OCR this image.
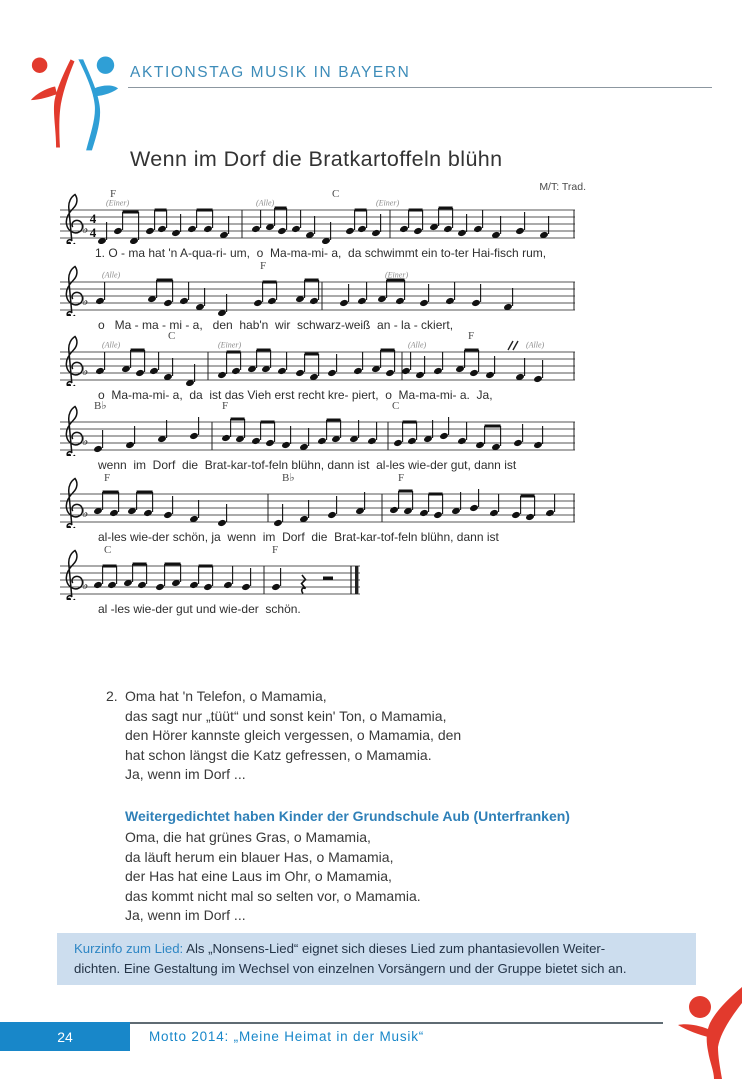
AKTIONSTAG MUSIK IN BAYERN
Wenn im Dorf die Bratkartoffeln blühn
M/T: Trad.
♭
4
4
F	C
(Einer)	(Alle)	(Einer)
1. O - ma hat 'n A-qua-ri- um,  o  Ma-ma-mi- a,  da schwimmt ein to-ter Hai-fisch rum,
♭
F
(Alle)	(Einer)
o   Ma - ma - mi - a,   den  hab'n  wir  schwarz-weiß  an - la - ckiert,
♭
C	F
(Alle)	(Einer)	(Alle)	(Alle)
o  Ma-ma-mi- a,  da  ist das Vieh erst recht kre- piert,  o  Ma-ma-mi- a.  Ja,
♭
B♭	F	C
wenn  im  Dorf  die  Brat-kar-tof-feln blühn, dann ist  al-les wie-der gut, dann ist
♭
F	B♭	F
al-les wie-der schön, ja  wenn  im  Dorf  die  Brat-kar-tof-feln blühn, dann ist
♭
C	F
al -les wie-der gut und wie-der  schön.
2. Oma hat 'n Telefon, o Mamamia,
das sagt nur „tüüt“ und sonst kein' Ton, o Mamamia,
den Hörer kannste gleich vergessen, o Mamamia, den
hat schon längst die Katz gefressen, o Mamamia.
Ja, wenn im Dorf ...
Weitergedichtet haben Kinder der Grundschule Aub (Unterfranken)
Oma, die hat grünes Gras, o Mamamia,
da läuft herum ein blauer Has, o Mamamia,
der Has hat eine Laus im Ohr, o Mamamia,
das kommt nicht mal so selten vor, o Mamamia.
Ja, wenn im Dorf ...
Kurzinfo zum Lied: Als „Nonsens-Lied“ eignet sich dieses Lied zum phantasievollen Weiter-
dichten. Eine Gestaltung im Wechsel von einzelnen Vorsängern und der Gruppe bietet sich an.
24	Motto 2014: „Meine Heimat in der Musik“
